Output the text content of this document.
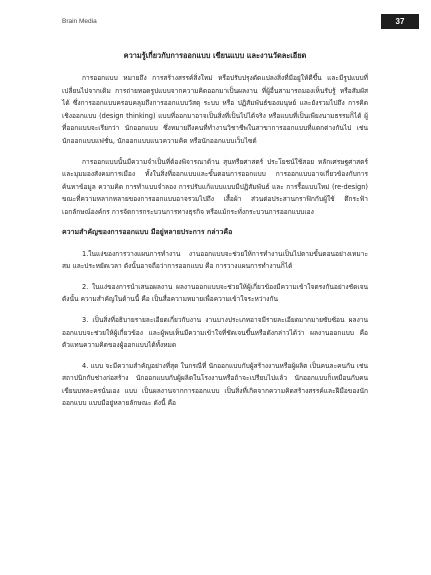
Brain Media	37
ความรู้เกี่ยวกับการออกแบบ เขียนแบบ และงานวัดละเอียด

การออกแบบ หมายถึง การสร้างสรรค์สิ่งใหม่ หรือปรับปรุงดัดแปลงสิ่งที่มีอยู่ให้ดีขึ้น และมีรูปแบบที่เปลี่ยนไปจากเดิม การถ่ายทอดรูปแบบจากความคิดออกมาเป็นผลงาน ที่ผู้อื่นสามารถมองเห็นรับรู้ หรือสัมผัสได้ ซึ่งการออกแบบครอบคลุมถึงการออกแบบวัสดุ ระบบ หรือ ปฏิสัมพันธ์ของมนุษย์ และยังรวมไปถึง การคิดเชิงออกแบบ (design thinking) แบบที่ออกมาอาจเป็นสิ่งที่เป็นไปได้จริง หรือแบบที่เป็นเพียงนามธรรมก็ได้ ผู้ที่ออกแบบจะเรียกว่า นักออกแบบ ซึ่งหมายถึงคนที่ทำงานวิชาชีพในสาขาการออกแบบที่แตกต่างกันไป เช่น นักออกแบบแฟชั่น, นักออกแบบแนวความคิด หรือนักออกแบบเว็บไซต์

การออกแบบนั้นมีความจำเป็นที่ต้องพิจารณาด้าน สุนทรียศาสตร์ ประโยชน์ใช้สอย หลักเศรษฐศาสตร์ และมุมมองสังคมการเมือง ทั้งในสิ่งที่ออกแบบและขั้นตอนการออกแบบ การออกแบบอาจเกี่ยวข้องกับการค้นหาข้อมูล ความคิด การทำแบบจำลอง การปรับแก้แบบแบบมีปฏิสัมพันธ์ และ การรื้อแบบใหม่ (re-design) ขณะที่ความหลากหลายของการออกแบบอาจรวมไปถึง เสื้อผ้า ส่วนต่อประสานกราฟิกกับผู้ใช้ ตึกระฟ้า เอกลักษณ์องค์กร การจัดการกระบวนการทางธุรกิจ หรือแม้กระทั่งกระบวนการออกแบบเอง

ความสำคัญของการออกแบบ มีอยู่หลายประการ กล่าวคือ

1.ในแง่ของการวางแผนการทำงาน งานออกแบบจะช่วยให้การทำงานเป็นไปตามขั้นตอนอย่างเหมาะสม และประหยัดเวลา ดังนั้นอาจถือว่าการออกแบบ คือ การวางแผนการทำงานก็ได้

2. ในแง่ของการนำเสนอผลงาน ผลงานออกแบบจะช่วยให้ผู้เกี่ยวข้องมีความเข้าใจตรงกันอย่างชัดเจน ดังนั้น ความสำคัญในด้านนี้ คือ เป็นสื่อความหมายเพื่อความเข้าใจระหว่างกัน

3. เป็นสิ่งที่อธิบายรายละเอียดเกี่ยวกับงาน งานบางประเภทอาจมีรายละเอียดมากมายซับซ้อน ผลงานออกแบบจะช่วยให้ผู้เกี่ยวข้อง และผู้พบเห็นมีความเข้าใจที่ชัดเจนขึ้นหรือดังกล่าวได้ว่า ผลงานออกแบบ คือ ตัวแทนความคิดของผู้ออกแบบได้ทั้งหมด

4. แบบ จะมีความสำคัญอย่างที่สุด ในกรณีที่ นักออกแบบกับผู้สร้างงานหรือผู้ผลิต เป็นคนละคนกัน เช่น สถาปนิกกับช่างก่อสร้าง นักออกแบบกับผู้ผลิตในโรงงานหรือถ้าจะเปรียบไปแล้ว นักออกแบบก็เหมือนกับคนเขียนบทละครนั่นเอง แบบ เป็นผลงานจากการออกแบบ เป็นสิ่งที่เกิดจากความคิดสร้างสรรค์และฝีมือของนักออกแบบ แบบมีอยู่หลายลักษณะ ดังนี้ คือ
